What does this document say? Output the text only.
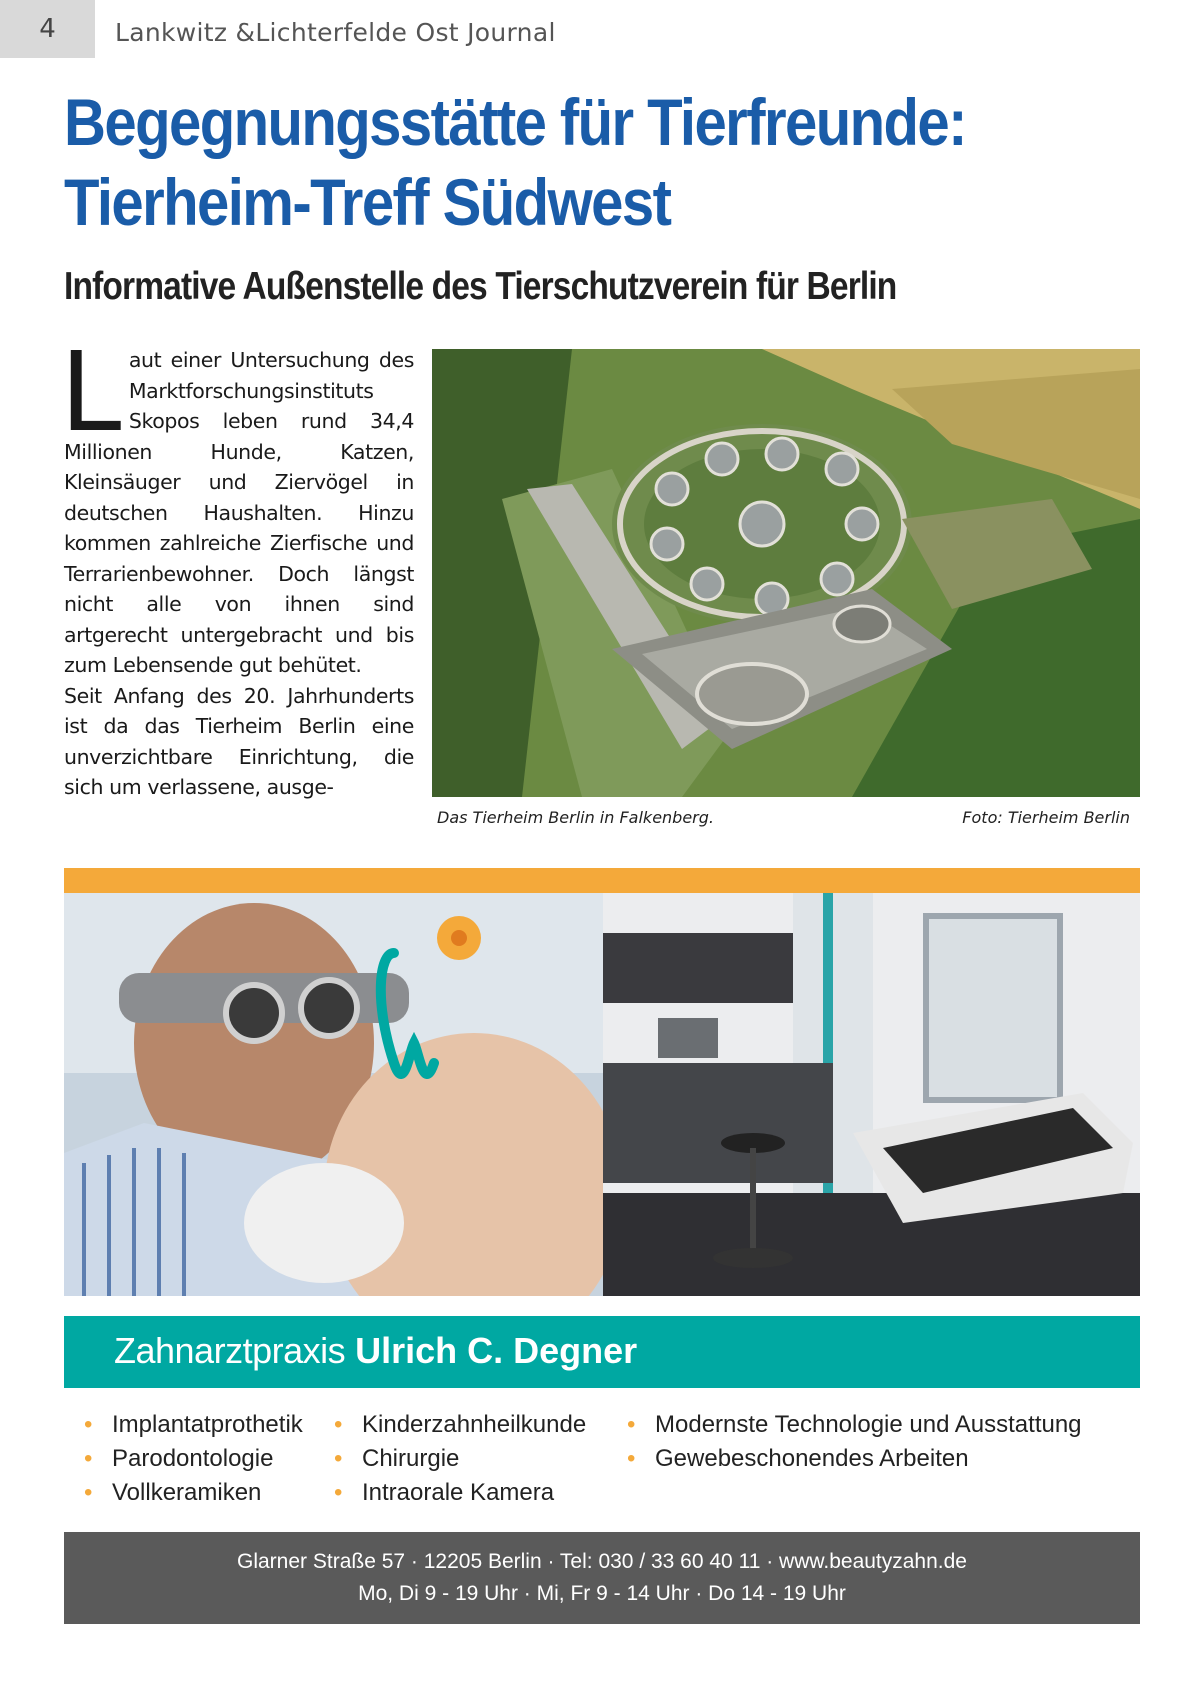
4	Lankwitz &Lichterfelde Ost Journal
Begegnungsstätte für Tierfreunde:
Tierheim-Treff Südwest
Informative Außenstelle des Tierschutzverein für Berlin
L aut einer Untersuchung des Marktforschungsinstituts Skopos leben rund 34,4 Millionen Hunde, Katzen, Kleinsäuger und Ziervögel in deutschen Haushalten. Hinzu kommen zahlreiche Zierfische und Terrarienbewohner. Doch längst nicht alle von ihnen sind artgerecht untergebracht und bis zum Lebensende gut behütet.
Seit Anfang des 20. Jahrhunderts ist da das Tierheim Berlin eine unverzichtbare Einrichtung, die sich um verlassene, ausge-
Das Tierheim Berlin in Falkenberg.	Foto: Tierheim Berlin
Zahnarztpraxis Ulrich C. Degner
• Implantatprothetik
• Parodontologie
• Vollkeramiken
• Kinderzahnheilkunde
• Chirurgie
• Intraorale Kamera
• Modernste Technologie und Ausstattung
• Gewebeschonendes Arbeiten
Glarner Straße 57 · 12205 Berlin · Tel: 030 / 33 60 40 11 · www.beautyzahn.de
Mo, Di 9 - 19 Uhr · Mi, Fr 9 - 14 Uhr · Do 14 - 19 Uhr
